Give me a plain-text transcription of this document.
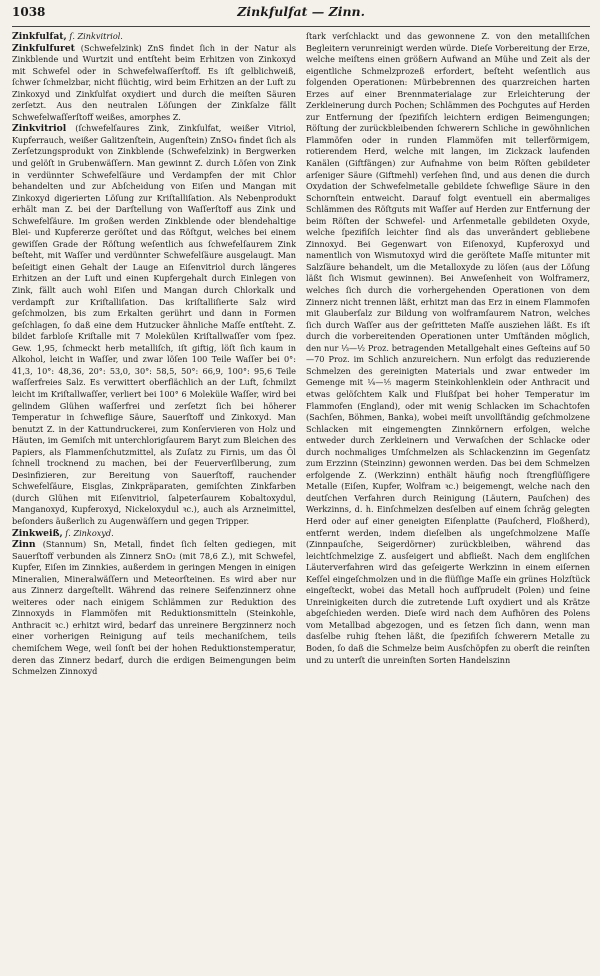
1038	Zinkfulfat — Zinn.

Zinkfulfat, ſ. Zinkvitriol.

Zinkfulfuret (Schwefelzink) ZnS findet ſich in der Natur als Zinkblende und Wurtzit und entſteht beim Erhitzen von Zinkoxyd mit Schwefel oder in Schwefelwaſſerſtoff. Es iſt gelblichweiß, ſchwer ſchmelzbar, nicht flüchtig, wird beim Erhitzen an der Luft zu Zinkoxyd und Zinkſulfat oxydiert und durch die meiſten Säuren zerſetzt. Aus den neutralen Löſungen der Zinkſalze fällt Schwefelwaſſerſtoff weißes, amorphes Z.

Zinkvitriol (ſchwefelſaures Zink, Zinkſulfat, weißer Vitriol, Kupferrauch, weißer Galitzenſtein, Augenſtein) ZnSO₄ findet ſich als Zerſetzungsprodukt von Zinkblende (Schwefelzink) in Bergwerken und gelöſt in Grubenwäſſern. Man gewinnt Z. durch Löſen von Zink in verdünnter Schwefelſäure und Verdampfen der mit Chlor behandelten und zur Abſcheidung von Eiſen und Mangan mit Zinkoxyd digerierten Löſung zur Kriſtalliſation. Als Nebenprodukt erhält man Z. bei der Darſtellung von Waſſerſtoff aus Zink und Schwefelſäure. Im großen werden Zinkblende oder blendehaltige Blei- und Kupfererze geröſtet und das Röſtgut, welches bei einem gewiſſen Grade der Röſtung weſentlich aus ſchwefelſaurem Zink beſteht, mit Waſſer und verdünnter Schwefelſäure ausgelaugt. Man beſeitigt einen Gehalt der Lauge an Eiſenvitriol durch längeres Erhitzen an der Luft und einen Kupfergehalt durch Einlegen von Zink, fällt auch wohl Eiſen und Mangan durch Chlorkalk und verdampft zur Kriſtalliſation. Das kriſtalliſierte Salz wird geſchmolzen, bis zum Erkalten gerührt und dann in Formen geſchlagen, ſo daß eine dem Hutzucker ähnliche Maſſe entſteht. Z. bildet farbloſe Kriſtalle mit 7 Molekülen Kriſtallwaſſer vom ſpez. Gew. 1,95, ſchmeckt herb metalliſch, iſt giftig, löſt ſich kaum in Alkohol, leicht in Waſſer, und zwar löſen 100 Teile Waſſer bei 0°: 41,3, 10°: 48,36, 20°: 53,0, 30°: 58,5, 50°: 66,9, 100°: 95,6 Teile waſſerfreies Salz. Es verwittert oberflächlich an der Luft, ſchmilzt leicht im Kriſtallwaſſer, verliert bei 100° 6 Moleküle Waſſer, wird bei gelindem Glühen waſſerfrei und zerſetzt ſich bei höherer Temperatur in ſchweflige Säure, Sauerſtoff und Zinkoxyd. Man benutzt Z. in der Kattundruckerei, zum Konſervieren von Holz und Häuten, im Gemiſch mit unterchlorigſaurem Baryt zum Bleichen des Papiers, als Flammenſchutzmittel, als Zuſatz zu Firnis, um das Öl ſchnell trocknend zu machen, bei der Feuerverſilberung, zum Desinfizieren, zur Bereitung von Sauerſtoff, rauchender Schwefelſäure, Eisglas, Zinkpräparaten, gemiſchten Zinkfarben (durch Glühen mit Eiſenvitriol, ſalpeterſaurem Kobaltoxydul, Manganoxyd, Kupferoxyd, Nickeloxydul ꝛc.), auch als Arzneimittel, beſonders äußerlich zu Augenwäſſern und gegen Tripper.

Zinkweiß, ſ. Zinkoxyd.

Zinn (Stannum) Sn, Metall, findet ſich ſelten gediegen, mit Sauerſtoff verbunden als Zinnerz SnO₂ (mit 78,6 Z.), mit Schwefel, Kupfer, Eiſen im Zinnkies, außerdem in geringen Mengen in einigen Mineralien, Mineralwäſſern und Meteorſteinen. Es wird aber nur aus Zinnerz dargeſtellt. Während das reinere Seifenzinnerz ohne weiteres oder nach einigem Schlämmen zur Reduktion des Zinnoxyds in Flammöfen mit Reduktionsmitteln (Steinkohle, Anthracit ꝛc.) erhitzt wird, bedarf das unreinere Bergzinnerz noch einer vorherigen Reinigung auf teils mechaniſchem, teils chemiſchem Wege, weil ſonſt bei der hohen Reduktionstemperatur, deren das Zinnerz bedarf, durch die erdigen Beimengungen beim Schmelzen Zinnoxyd

ſtark verſchlackt und das gewonnene Z. von den metalliſchen Begleitern verunreinigt werden würde. Dieſe Vorbereitung der Erze, welche meiſtens einen größern Aufwand an Mühe und Zeit als der eigentliche Schmelzprozeß erfordert, beſteht weſentlich aus folgenden Operationen: Mürbebrennen des quarzreichen harten Erzes auf einer Brennmaterialage zur Erleichterung der Zerkleinerung durch Pochen; Schlämmen des Pochgutes auf Herden zur Entfernung der ſpezifiſch leichtern erdigen Beimengungen; Röſtung der zurückbleibenden ſchwerern Schliche in gewöhnlichen Flammöfen oder in runden Flammöfen mit tellerförmigem, rotierendem Herd, welche mit langen, im Zickzack laufenden Kanälen (Giftfängen) zur Aufnahme von beim Röſten gebildeter arſeniger Säure (Giftmehl) verſehen ſind, und aus denen die durch Oxydation der Schwefelmetalle gebildete ſchweflige Säure in den Schornſtein entweicht. Darauf folgt eventuell ein abermaliges Schlämmen des Röſtguts mit Waſſer auf Herden zur Entfernung der beim Röſten der Schwefel- und Arſenmetalle gebildeten Oxyde, welche ſpezifiſch leichter ſind als das unverändert gebliebene Zinnoxyd. Bei Gegenwart von Eiſenoxyd, Kupferoxyd und namentlich von Wismutoxyd wird die geröſtete Maſſe mitunter mit Salzſäure behandelt, um die Metalloxyde zu löſen (aus der Löſung läßt ſich Wismut gewinnen). Bei Anweſenheit von Wolframerz, welches ſich durch die vorhergehenden Operationen von dem Zinnerz nicht trennen läßt, erhitzt man das Erz in einem Flammofen mit Glauberſalz zur Bildung von wolframſaurem Natron, welches ſich durch Waſſer aus der geſritteten Maſſe ausziehen läßt. Es iſt durch die vorbereitenden Operationen unter Umſtänden möglich, den nur ¹⁄₃—¹⁄₂ Proz. betragenden Metallgehalt eines Geſteins auf 50—70 Proz. im Schlich anzureichern. Nun erfolgt das reduzierende Schmelzen des gereinigten Materials und zwar entweder im Gemenge mit ¹⁄₄—¹⁄₅ magerm Steinkohlenklein oder Anthracit und etwas gelöſchtem Kalk und Flußſpat bei hoher Temperatur im Flammofen (England), oder mit wenig Schlacken im Schachtofen (Sachſen, Böhmen, Banka), wobei meiſt unvollſtändig geſchmolzene Schlacken mit eingemengten Zinnkörnern erfolgen, welche entweder durch Zerkleinern und Verwaſchen der Schlacke oder durch nochmaliges Umſchmelzen als Schlackenzinn im Gegenſatz zum Erzzinn (Steinzinn) gewonnen werden. Das bei dem Schmelzen erfolgende Z. (Werkzinn) enthält häufig noch ſtrengflüſſigere Metalle (Eiſen, Kupfer, Wolfram ꝛc.) beigemengt, welche nach den deutſchen Verfahren durch Reinigung (Läutern, Pauſchen) des Werkzinns, d. h. Einſchmelzen desſelben auf einem ſchräg gelegten Herd oder auf einer geneigten Eiſenplatte (Pauſcherd, Floßherd), entfernt werden, indem dieſelben als ungeſchmolzene Maſſe (Zinnpauſche, Seigerdörner) zurückbleiben, während das leichtſchmelzige Z. ausſeigert und abfließt. Nach dem engliſchen Läuterverfahren wird das geſeigerte Werkzinn in einem eiſernen Keſſel eingeſchmolzen und in die flüſſige Maſſe ein grünes Holzſtück eingeſteckt, wobei das Metall hoch aufſprudelt (Polen) und ſeine Unreinigkeiten durch die zutretende Luft oxydiert und als Krätze abgeſchieden werden. Dieſe wird nach dem Aufhören des Polens vom Metallbad abgezogen, und es ſetzen ſich dann, wenn man dasſelbe ruhig ſtehen läßt, die ſpezifiſch ſchwerern Metalle zu Boden, ſo daß die Schmelze beim Ausſchöpfen zu oberſt die reinſten und zu unterſt die unreinſten Sorten Handelszinn
